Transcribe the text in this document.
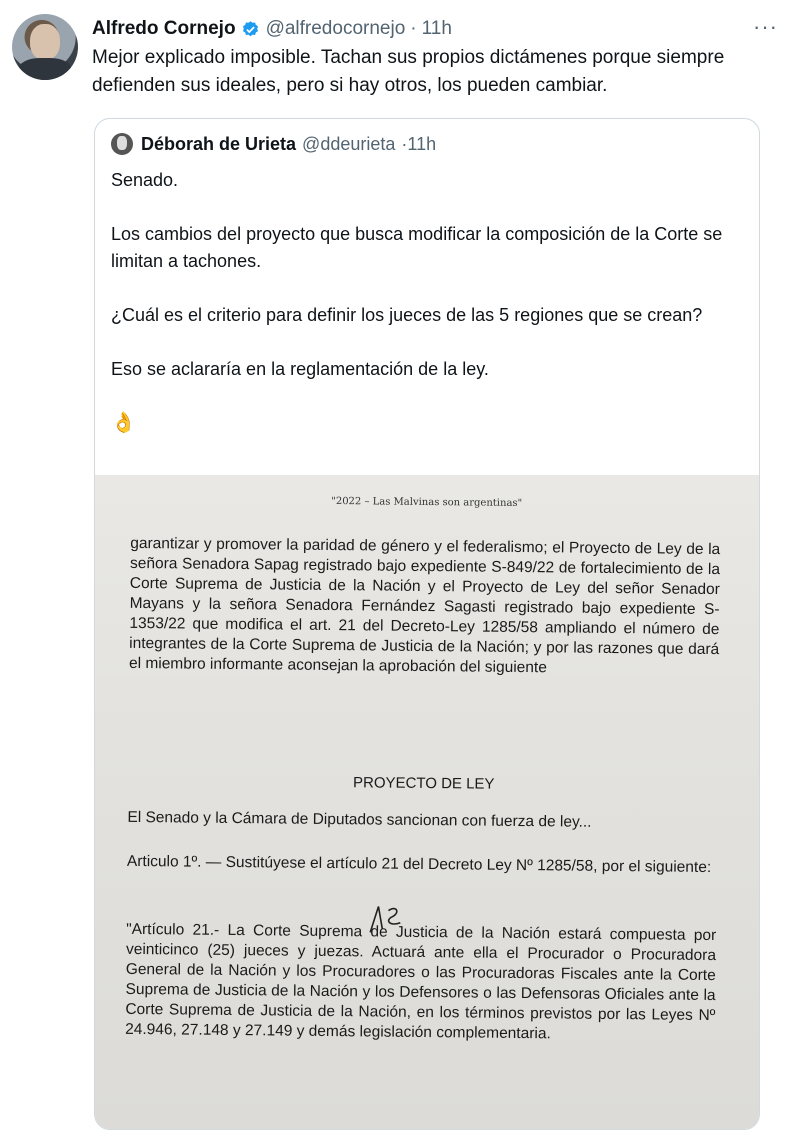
Alfredo Cornejo @alfredocornejo · 11h	···
Mejor explicado imposible. Tachan sus propios dictámenes porque siempre defienden sus ideales, pero si hay otros, los pueden cambiar.
Déborah de Urieta @ddeurieta · 11h

Senado.

Los cambios del proyecto que busca modificar la composición de la Corte se limitan a tachones.

¿Cuál es el criterio para definir los jueces de las 5 regiones que se crean?

Eso se aclararía en la reglamentación de la ley.

👌

"2022 – Las Malvinas son argentinas"
garantizar y promover la paridad de género y el federalismo; el Proyecto de Ley de la señora Senadora Sapag registrado bajo expediente S-849/22 de fortalecimiento de la Corte Suprema de Justicia de la Nación y el Proyecto de Ley del señor Senador Mayans y la señora Senadora Fernández Sagasti registrado bajo expediente S-1353/22 que modifica el art. 21 del Decreto-Ley 1285/58 ampliando el número de integrantes de la Corte Suprema de Justicia de la Nación; y por las razones que dará el miembro informante aconsejan la aprobación del siguiente
PROYECTO DE LEY
El Senado y la Cámara de Diputados sancionan con fuerza de ley...
Articulo 1º. — Sustitúyese el artículo 21 del Decreto Ley Nº 1285/58, por el siguiente:
"Artículo 21.- La Corte Suprema de Justicia de la Nación estará compuesta por veinticinco (25) jueces y juezas. Actuará ante ella el Procurador o Procuradora General de la Nación y los Procuradores o las Procuradoras Fiscales ante la Corte Suprema de Justicia de la Nación y los Defensores o las Defensoras Oficiales ante la Corte Suprema de Justicia de la Nación, en los términos previstos por las Leyes Nº 24.946, 27.148 y 27.149 y demás legislación complementaria.
